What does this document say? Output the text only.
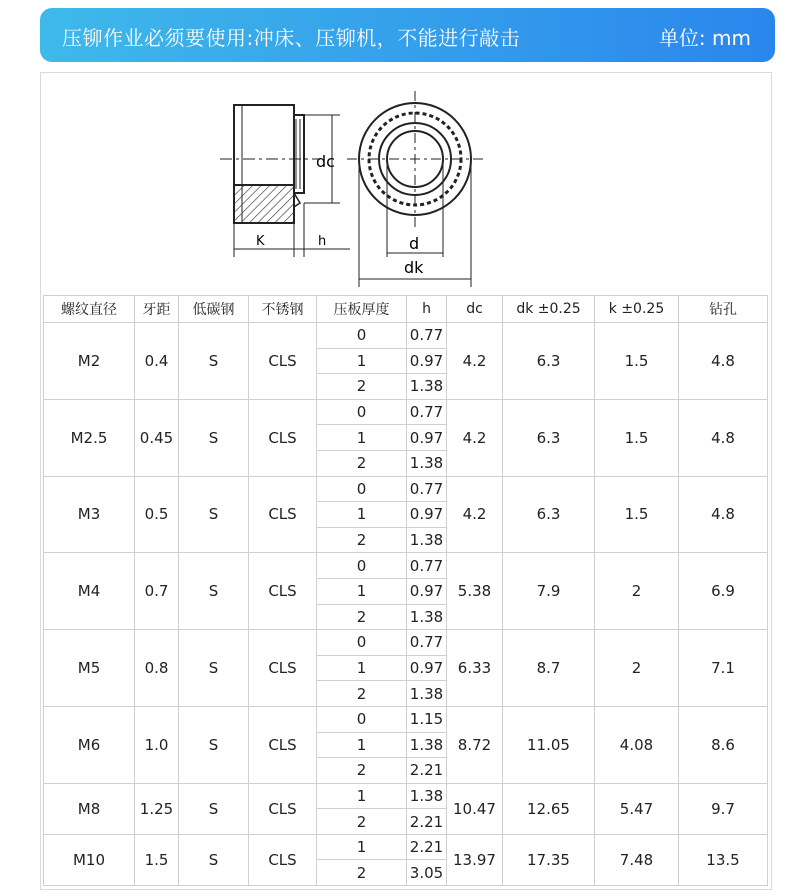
压铆作业必须要使用:冲床、压铆机，不能进行敲击	单位: mm
dc
K	h	d
dk
螺纹直径	牙距	低碳钢	不锈钢	压板厚度	h	dc	dk ±0.25	k ±0.25	钻孔
M2	0.4	S	CLS	0	0.77	4.2	6.3	1.5	4.8
				1	0.97				
				2	1.38				
M2.5	0.45	S	CLS	0	0.77	4.2	6.3	1.5	4.8
				1	0.97				
				2	1.38				
M3	0.5	S	CLS	0	0.77	4.2	6.3	1.5	4.8
				1	0.97				
				2	1.38				
M4	0.7	S	CLS	0	0.77	5.38	7.9	2	6.9
				1	0.97				
				2	1.38				
M5	0.8	S	CLS	0	0.77	6.33	8.7	2	7.1
				1	0.97				
				2	1.38				
M6	1.0	S	CLS	0	1.15	8.72	11.05	4.08	8.6
				1	1.38				
				2	2.21				
M8	1.25	S	CLS	1	1.38	10.47	12.65	5.47	9.7
				2	2.21				
M10	1.5	S	CLS	1	2.21	13.97	17.35	7.48	13.5
				2	3.05				
